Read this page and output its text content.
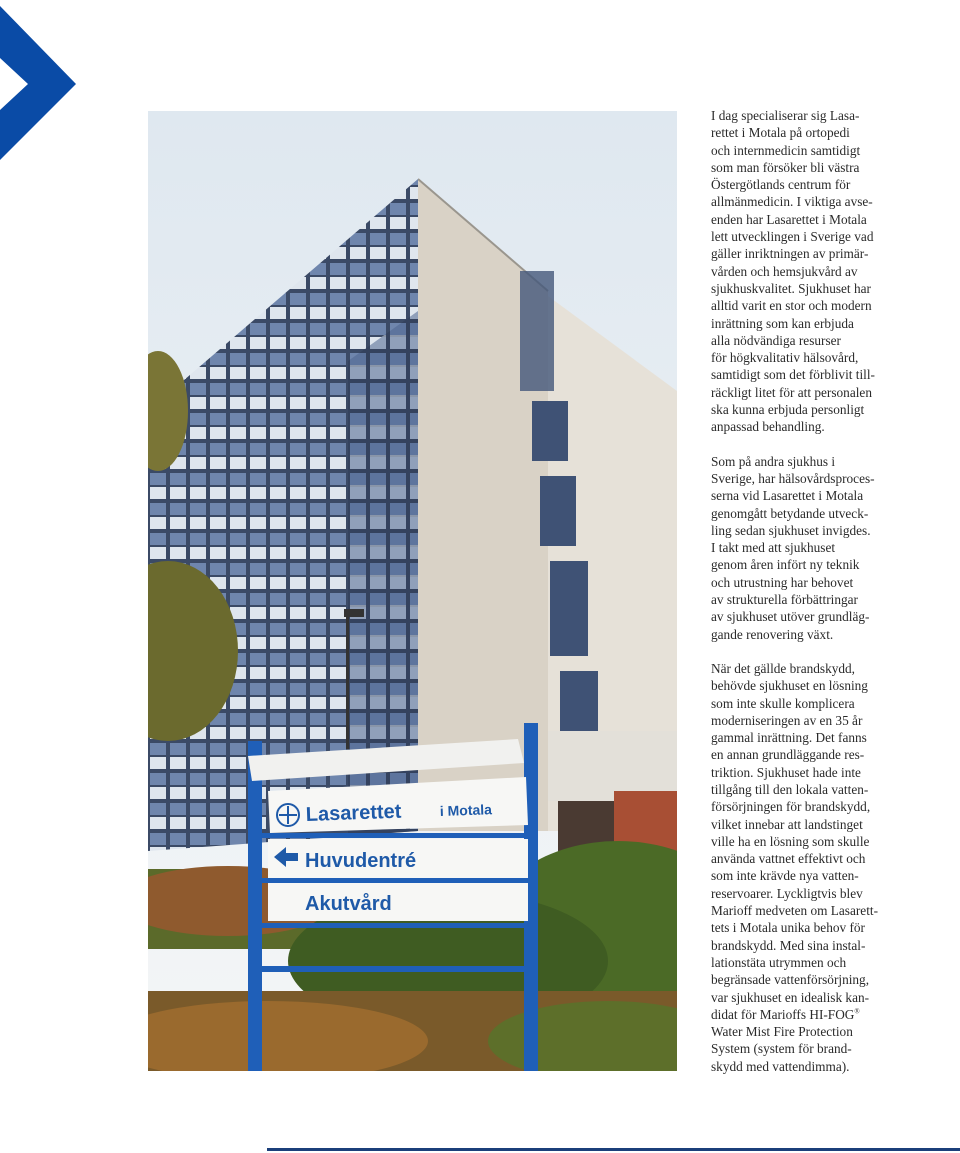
Lasarettet	i Motala
Huvudentré
Akutvård

I dag specialiserar sig Lasa-
rettet i Motala på ortopedi
och internmedicin samtidigt
som man försöker bli västra
Östergötlands centrum för
allmänmedicin. I viktiga avse-
enden har Lasarettet i Motala
lett utvecklingen i Sverige vad
gäller inriktningen av primär-
vården och hemsjukvård av
sjukhuskvalitet. Sjukhuset har
alltid varit en stor och modern
inrättning som kan erbjuda
alla nödvändiga resurser
för högkvalitativ hälsovård,
samtidigt som det förblivit till-
räckligt litet för att personalen
ska kunna erbjuda personligt
anpassad behandling.

Som på andra sjukhus i
Sverige, har hälsovårdsproces-
serna vid Lasarettet i Motala
genomgått betydande utveck-
ling sedan sjukhuset invigdes.
I takt med att sjukhuset
genom åren infört ny teknik
och utrustning har behovet
av strukturella förbättringar
av sjukhuset utöver grundläg-
gande renovering växt.

När det gällde brandskydd,
behövde sjukhuset en lösning
som inte skulle komplicera
moderniseringen av en 35 år
gammal inrättning. Det fanns
en annan grundläggande res-
triktion. Sjukhuset hade inte
tillgång till den lokala vatten-
försörjningen för brandskydd,
vilket innebar att landstinget
ville ha en lösning som skulle
använda vattnet effektivt och
som inte krävde nya vatten-
reservoarer. Lyckligtvis blev
Marioff medveten om Lasarett-
tets i Motala unika behov för
brandskydd. Med sina instal-
lationstäta utrymmen och
begränsade vattenförsörjning,
var sjukhuset en idealisk kan-
didat för Marioffs HI-FOG®
Water Mist Fire Protection
System (system för brand-
skydd med vattendimma).
